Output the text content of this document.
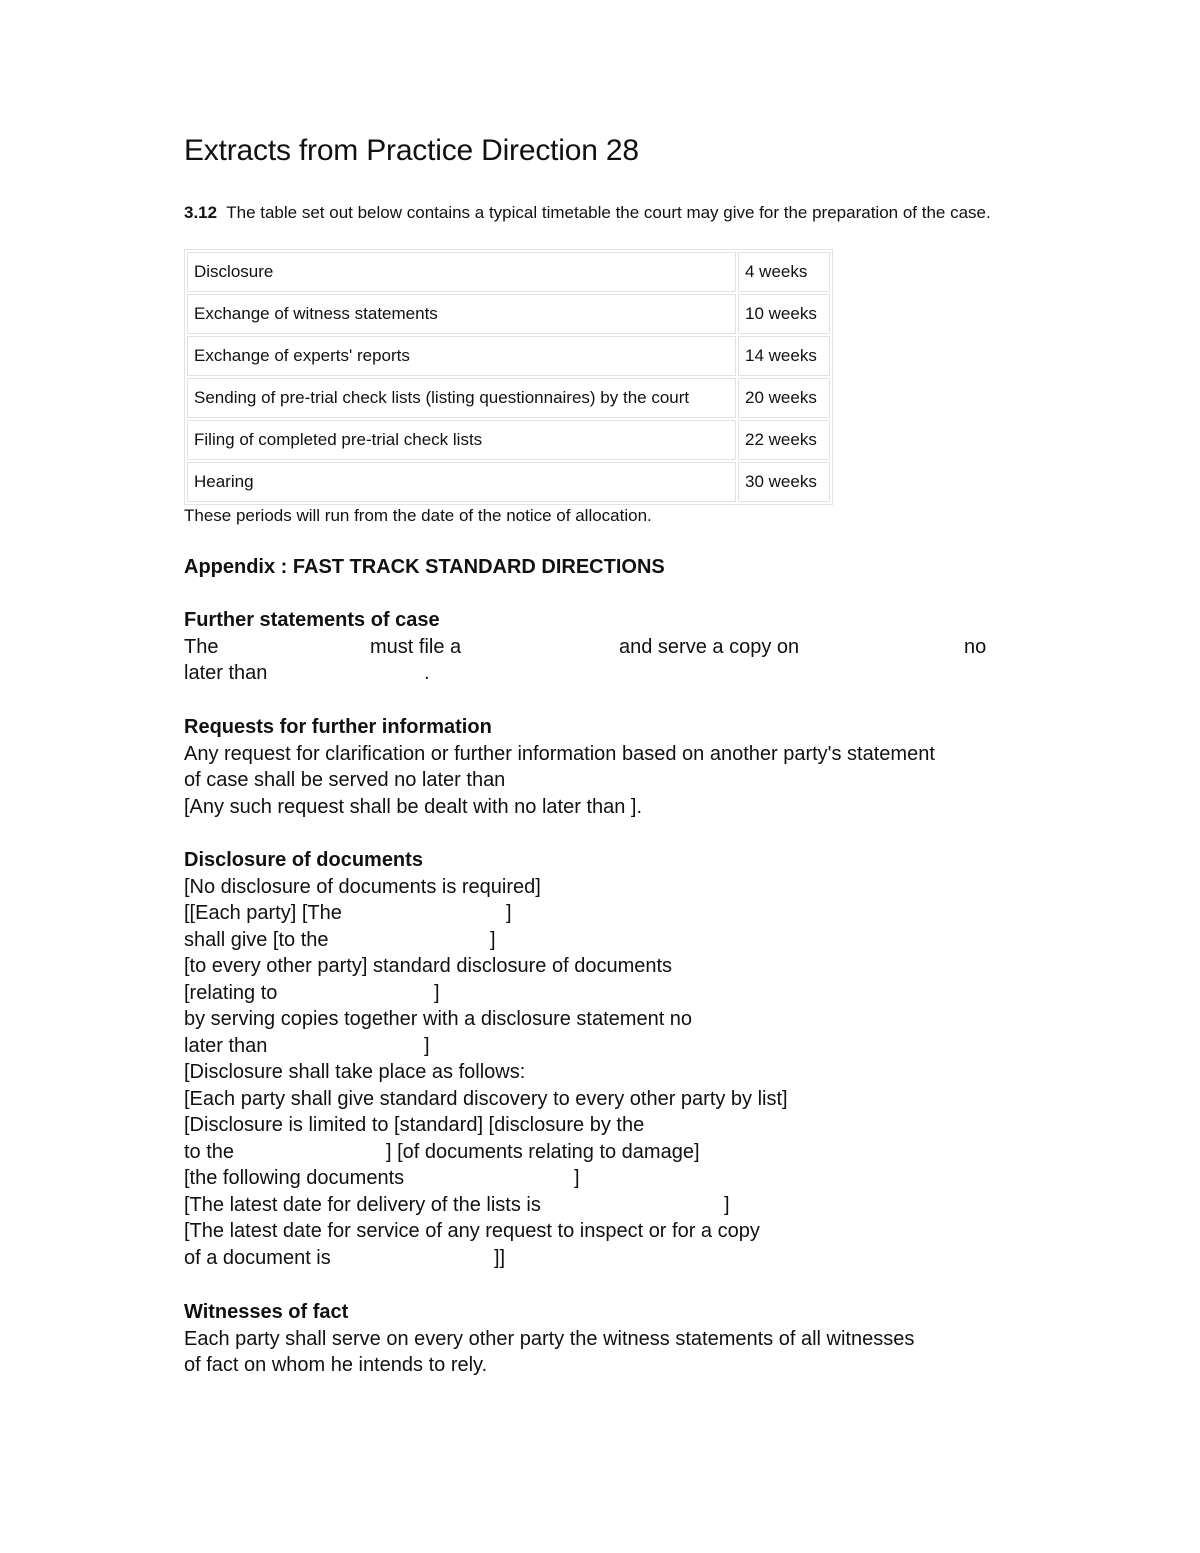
Extracts from Practice Direction 28
3.12 The table set out below contains a typical timetable the court may give for the preparation of the case.
Disclosure	4 weeks
Exchange of witness statements	10 weeks
Exchange of experts' reports	14 weeks
Sending of pre-trial check lists (listing questionnaires) by the court	20 weeks
Filing of completed pre-trial check lists	22 weeks
Hearing	30 weeks
These periods will run from the date of the notice of allocation.
Appendix : FAST TRACK STANDARD DIRECTIONS
Further statements of case
The	must file a	and serve a copy on	no
later than	.
Requests for further information
Any request for clarification or further information based on another party's statement
of case shall be served no later than
[Any such request shall be dealt with no later than ].
Disclosure of documents
[No disclosure of documents is required]
[[Each party] [The	]
shall give [to the	]
[to every other party] standard disclosure of documents
[relating to	]
by serving copies together with a disclosure statement no
later than	]
[Disclosure shall take place as follows:
[Each party shall give standard discovery to every other party by list]
[Disclosure is limited to [standard] [disclosure by the
to the	] [of documents relating to damage]
[the following documents	]
[The latest date for delivery of the lists is	]
[The latest date for service of any request to inspect or for a copy
of a document is	]]
Witnesses of fact
Each party shall serve on every other party the witness statements of all witnesses
of fact on whom he intends to rely.
